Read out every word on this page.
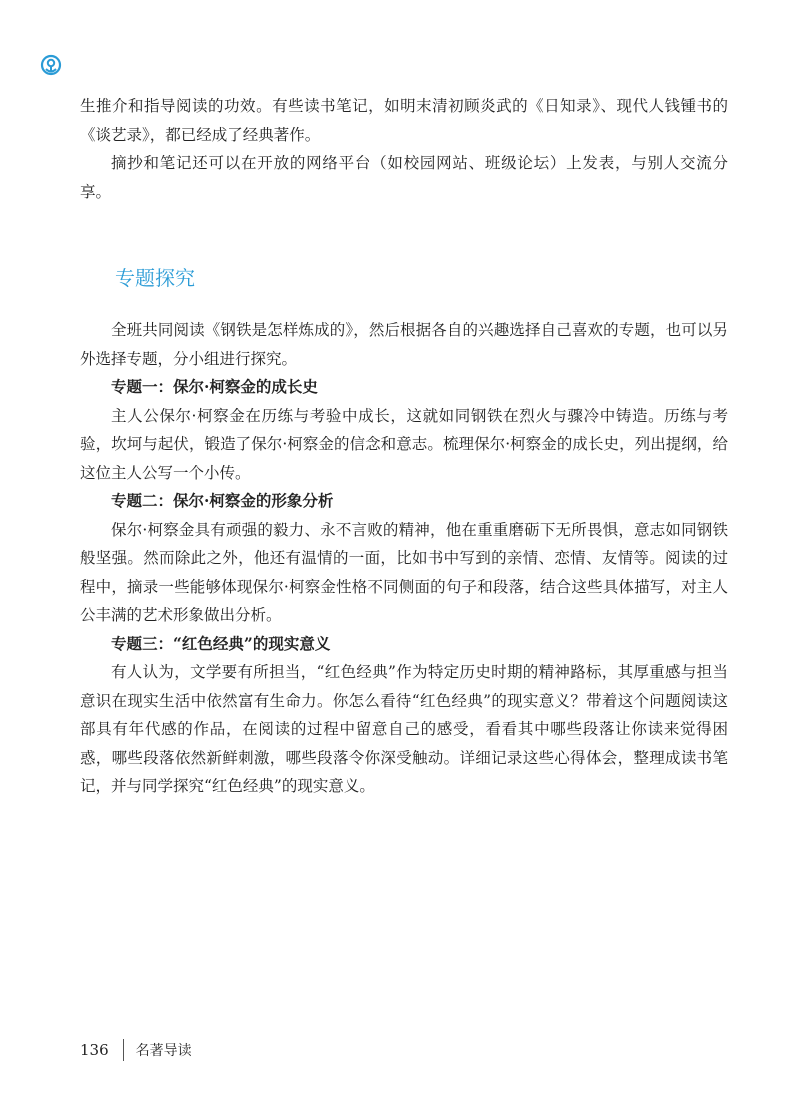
生推介和指导阅读的功效。有些读书笔记，如明末清初顾炎武的《日知录》、现代人钱锺书的《谈艺录》，都已经成了经典著作。

摘抄和笔记还可以在开放的网络平台（如校园网站、班级论坛）上发表，与别人交流分享。

专题探究

全班共同阅读《钢铁是怎样炼成的》，然后根据各自的兴趣选择自己喜欢的专题，也可以另外选择专题，分小组进行探究。

专题一：保尔·柯察金的成长史

主人公保尔·柯察金在历练与考验中成长，这就如同钢铁在烈火与骤冷中铸造。历练与考验，坎坷与起伏，锻造了保尔·柯察金的信念和意志。梳理保尔·柯察金的成长史，列出提纲，给这位主人公写一个小传。

专题二：保尔·柯察金的形象分析

保尔·柯察金具有顽强的毅力、永不言败的精神，他在重重磨砺下无所畏惧，意志如同钢铁般坚强。然而除此之外，他还有温情的一面，比如书中写到的亲情、恋情、友情等。阅读的过程中，摘录一些能够体现保尔·柯察金性格不同侧面的句子和段落，结合这些具体描写，对主人公丰满的艺术形象做出分析。

专题三：“红色经典”的现实意义

有人认为，文学要有所担当，“红色经典”作为特定历史时期的精神路标，其厚重感与担当意识在现实生活中依然富有生命力。你怎么看待“红色经典”的现实意义？带着这个问题阅读这部具有年代感的作品，在阅读的过程中留意自己的感受，看看其中哪些段落让你读来觉得困惑，哪些段落依然新鲜刺激，哪些段落令你深受触动。详细记录这些心得体会，整理成读书笔记，并与同学探究“红色经典”的现实意义。

136 名著导读
